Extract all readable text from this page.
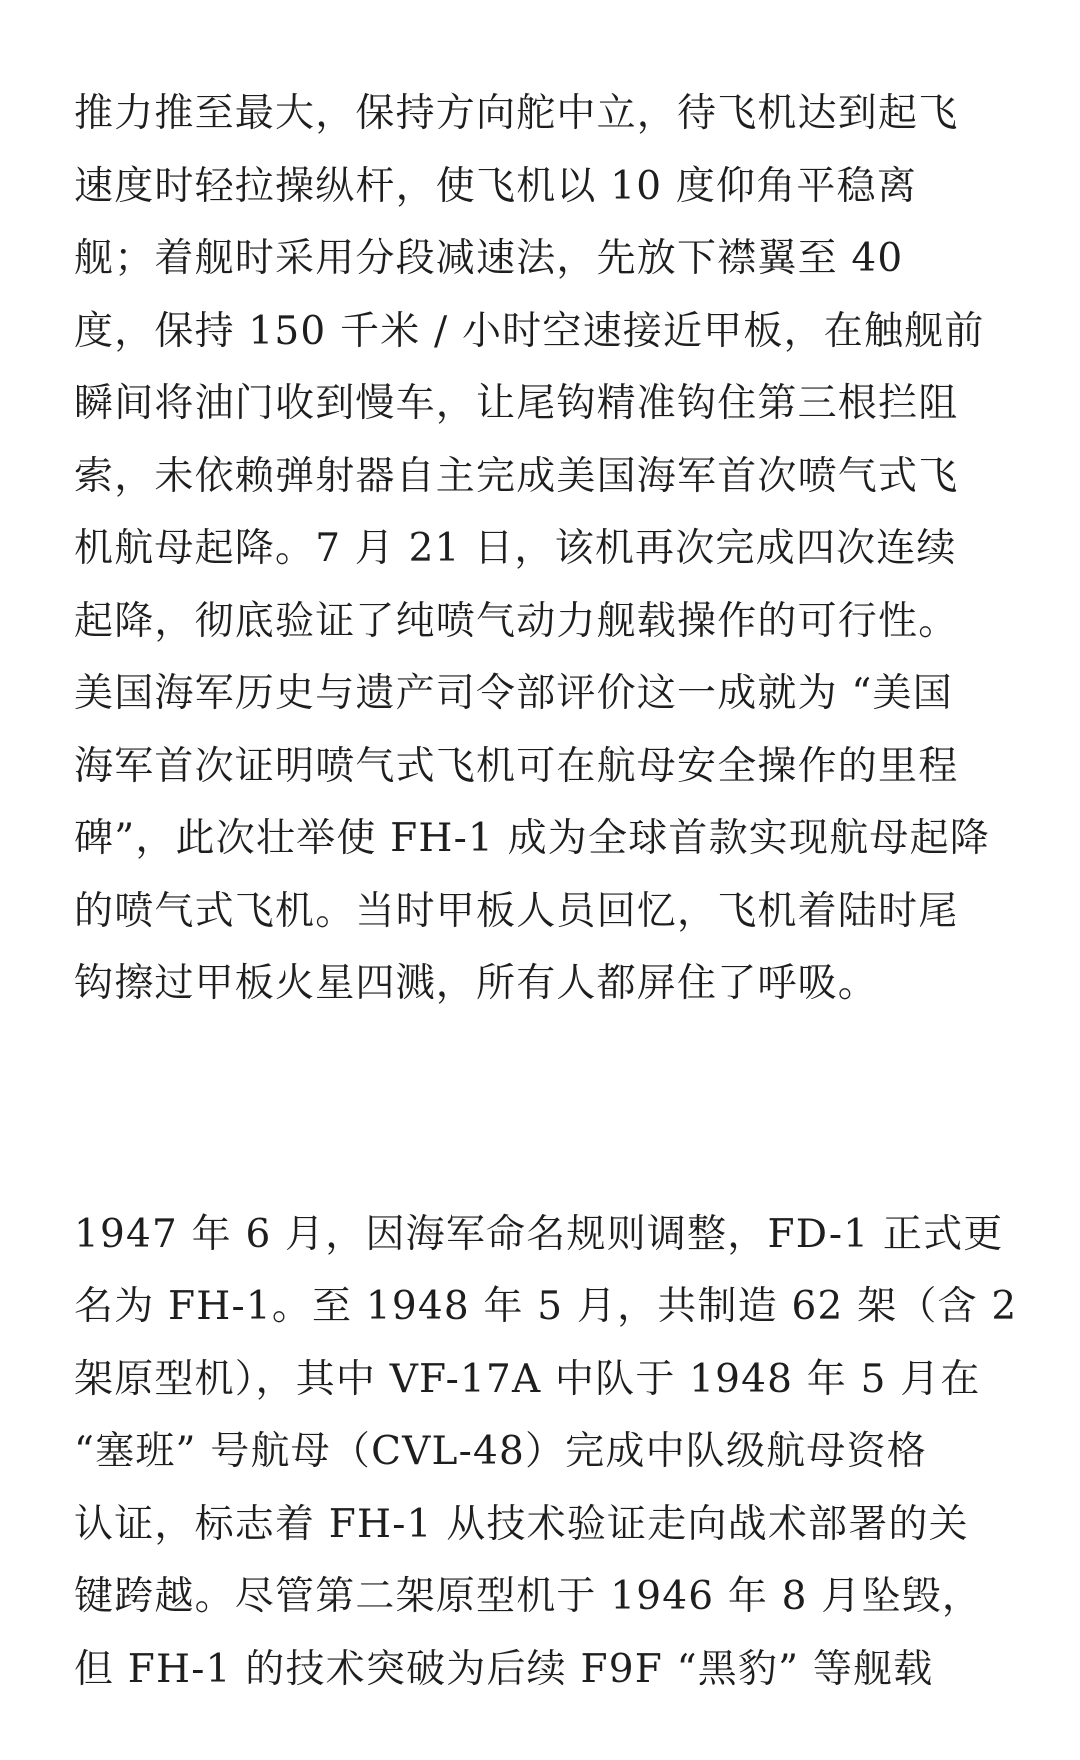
推力推至最大，保持方向舵中立，待飞机达到起飞
速度时轻拉操纵杆，使飞机以 10 度仰角平稳离
舰；着舰时采用分段减速法，先放下襟翼至 40
度，保持 150 千米 / 小时空速接近甲板，在触舰前
瞬间将油门收到慢车，让尾钩精准钩住第三根拦阻
索，未依赖弹射器自主完成美国海军首次喷气式飞
机航母起降。7 月 21 日，该机再次完成四次连续
起降，彻底验证了纯喷气动力舰载操作的可行性。
美国海军历史与遗产司令部评价这一成就为 “美国
海军首次证明喷气式飞机可在航母安全操作的里程
碑”，此次壮举使 FH-1 成为全球首款实现航母起降
的喷气式飞机。当时甲板人员回忆，飞机着陆时尾
钩擦过甲板火星四溅，所有人都屏住了呼吸。
1947 年 6 月，因海军命名规则调整，FD-1 正式更
名为 FH-1。至 1948 年 5 月，共制造 62 架（含 2
架原型机），其中 VF-17A 中队于 1948 年 5 月在
“塞班” 号航母（CVL-48）完成中队级航母资格
认证，标志着 FH-1 从技术验证走向战术部署的关
键跨越。尽管第二架原型机于 1946 年 8 月坠毁，
但 FH-1 的技术突破为后续 F9F “黑豹” 等舰载
